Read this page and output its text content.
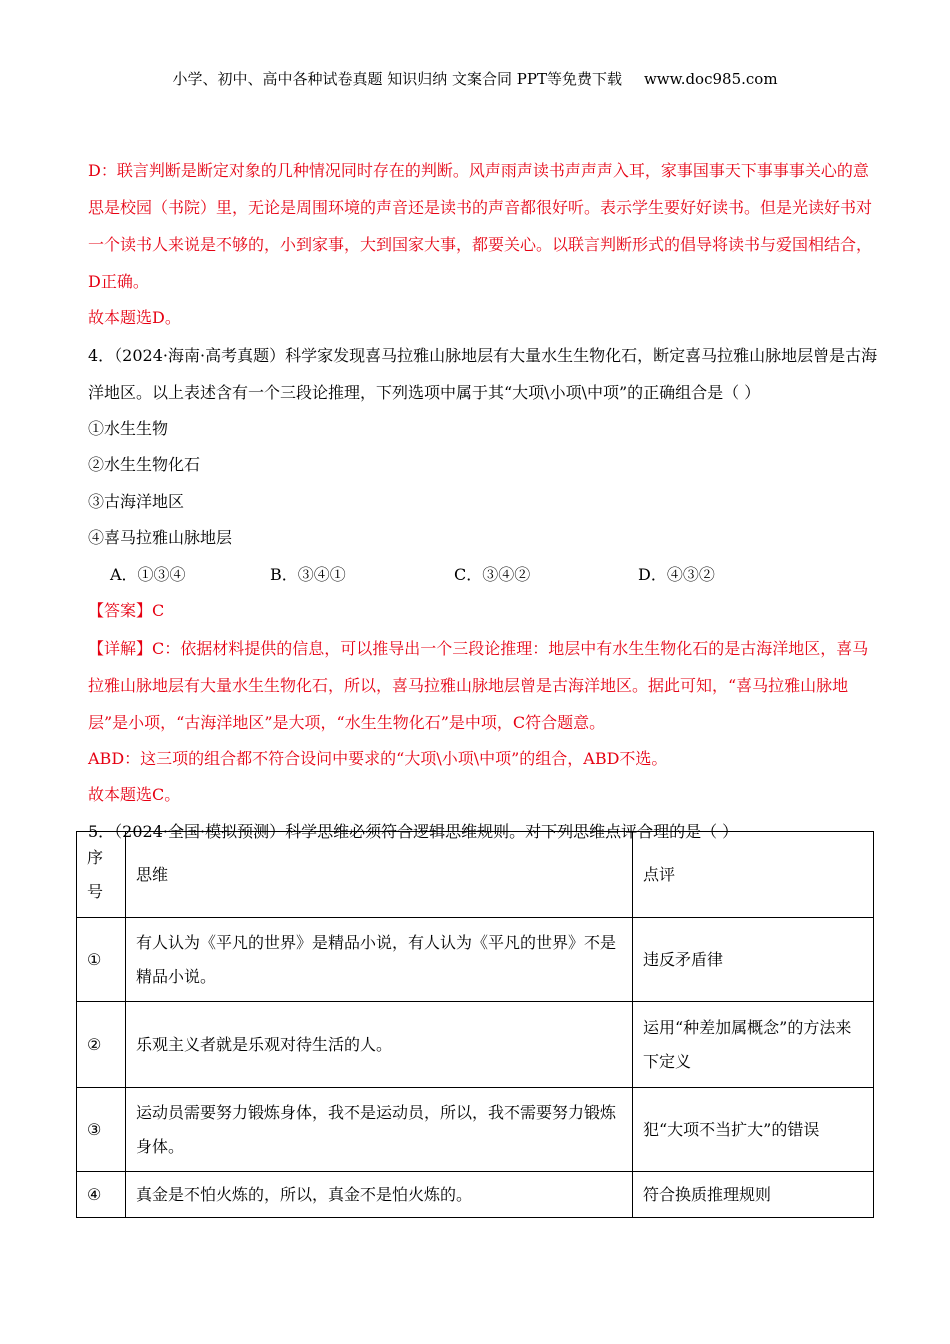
小学、初中、高中各种试卷真题 知识归纳 文案合同 PPT等免费下载 www.doc985.com
D：联言判断是断定对象的几种情况同时存在的判断。风声雨声读书声声声入耳，家事国事天下事事事关心的意思是校园（书院）里，无论是周围环境的声音还是读书的声音都很好听。表示学生要好好读书。但是光读好书对一个读书人来说是不够的，小到家事，大到国家大事，都要关心。以联言判断形式的倡导将读书与爱国相结合，D正确。
故本题选D。
4．（2024·海南·高考真题）科学家发现喜马拉雅山脉地层有大量水生生物化石，断定喜马拉雅山脉地层曾是古海洋地区。以上表述含有一个三段论推理，下列选项中属于其“大项\小项\中项”的正确组合是（ ）
①水生生物
②水生生物化石
③古海洋地区
④喜马拉雅山脉地层
A．①③④	B．③④①	C．③④②	D．④③②
【答案】C
【详解】C：依据材料提供的信息，可以推导出一个三段论推理：地层中有水生生物化石的是古海洋地区，喜马拉雅山脉地层有大量水生生物化石，所以，喜马拉雅山脉地层曾是古海洋地区。据此可知，“喜马拉雅山脉地层”是小项，“古海洋地区”是大项，“水生生物化石”是中项，C符合题意。
ABD：这三项的组合都不符合设问中要求的“大项\小项\中项”的组合，ABD不选。
故本题选C。
5．（2024·全国·模拟预测）科学思维必须符合逻辑思维规则。对下列思维点评合理的是（ ）
序号	思维	点评
①	有人认为《平凡的世界》是精品小说，有人认为《平凡的世界》不是精品小说。	违反矛盾律
②	乐观主义者就是乐观对待生活的人。	运用“种差加属概念”的方法来下定义
③	运动员需要努力锻炼身体，我不是运动员，所以，我不需要努力锻炼身体。	犯“大项不当扩大”的错误
④	真金是不怕火炼的，所以，真金不是怕火炼的。	符合换质推理规则
